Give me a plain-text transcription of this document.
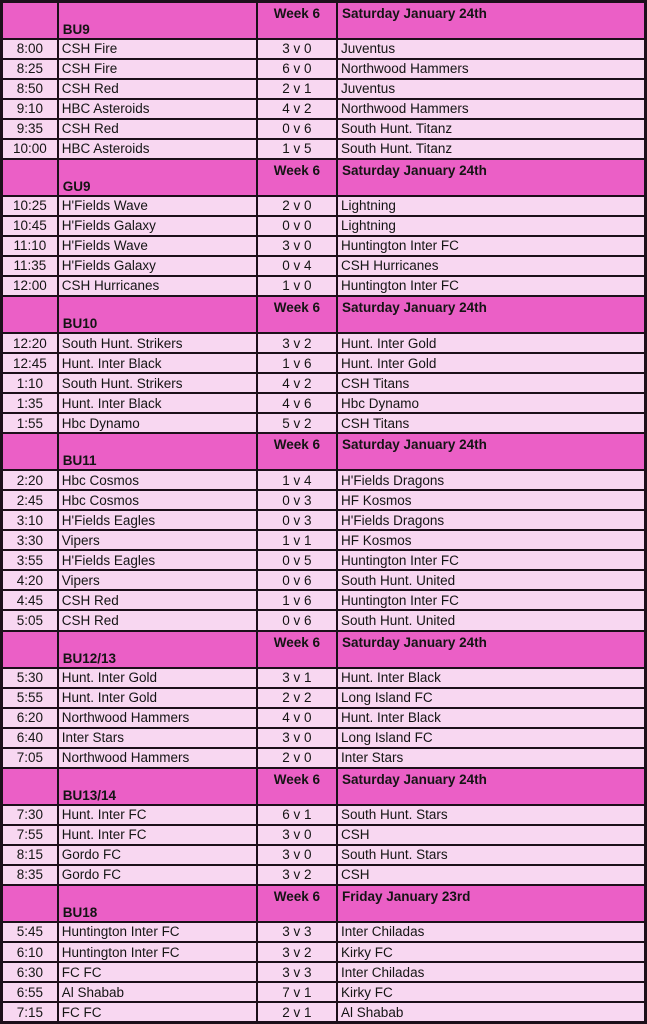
	BU9	Week 6	Saturday January 24th
8:00	CSH Fire	3 v 0	Juventus
8:25	CSH Fire	6 v 0	Northwood Hammers
8:50	CSH Red	2 v 1	Juventus
9:10	HBC Asteroids	4 v 2	Northwood Hammers
9:35	CSH Red	0 v 6	South Hunt. Titanz
10:00	HBC Asteroids	1 v 5	South Hunt. Titanz
	GU9	Week 6	Saturday January 24th
10:25	H'Fields Wave	2 v 0	Lightning
10:45	H'Fields Galaxy	0 v 0	Lightning
11:10	H'Fields Wave	3 v 0	Huntington Inter FC
11:35	H'Fields Galaxy	0 v 4	CSH Hurricanes
12:00	CSH Hurricanes	1 v 0	Huntington Inter FC
	BU10	Week 6	Saturday January 24th
12:20	South Hunt. Strikers	3 v 2	Hunt. Inter Gold
12:45	Hunt. Inter Black	1 v 6	Hunt. Inter Gold
1:10	South Hunt. Strikers	4 v 2	CSH Titans
1:35	Hunt. Inter Black	4 v 6	Hbc Dynamo
1:55	Hbc Dynamo	5 v 2	CSH Titans
	BU11	Week 6	Saturday January 24th
2:20	Hbc Cosmos	1 v 4	H'Fields Dragons
2:45	Hbc Cosmos	0 v 3	HF Kosmos
3:10	H'Fields Eagles	0 v 3	H'Fields Dragons
3:30	Vipers	1 v 1	HF Kosmos
3:55	H'Fields Eagles	0 v 5	Huntington Inter FC
4:20	Vipers	0 v 6	South Hunt. United
4:45	CSH Red	1 v 6	Huntington Inter FC
5:05	CSH Red	0 v 6	South Hunt. United
	BU12/13	Week 6	Saturday January 24th
5:30	Hunt. Inter Gold	3 v 1	Hunt. Inter Black
5:55	Hunt. Inter Gold	2 v 2	Long Island FC
6:20	Northwood Hammers	4 v 0	Hunt. Inter Black
6:40	Inter Stars	3 v 0	Long Island FC
7:05	Northwood Hammers	2 v 0	Inter Stars
	BU13/14	Week 6	Saturday January 24th
7:30	Hunt. Inter FC	6 v 1	South Hunt. Stars
7:55	Hunt. Inter FC	3 v 0	CSH
8:15	Gordo FC	3 v 0	South Hunt. Stars
8:35	Gordo FC	3 v 2	CSH
	BU18	Week 6	Friday January 23rd
5:45	Huntington Inter FC	3 v 3	Inter Chiladas
6:10	Huntington Inter FC	3 v 2	Kirky FC
6:30	FC FC	3 v 3	Inter Chiladas
6:55	Al Shabab	7 v 1	Kirky FC
7:15	FC FC	2 v 1	Al Shabab
